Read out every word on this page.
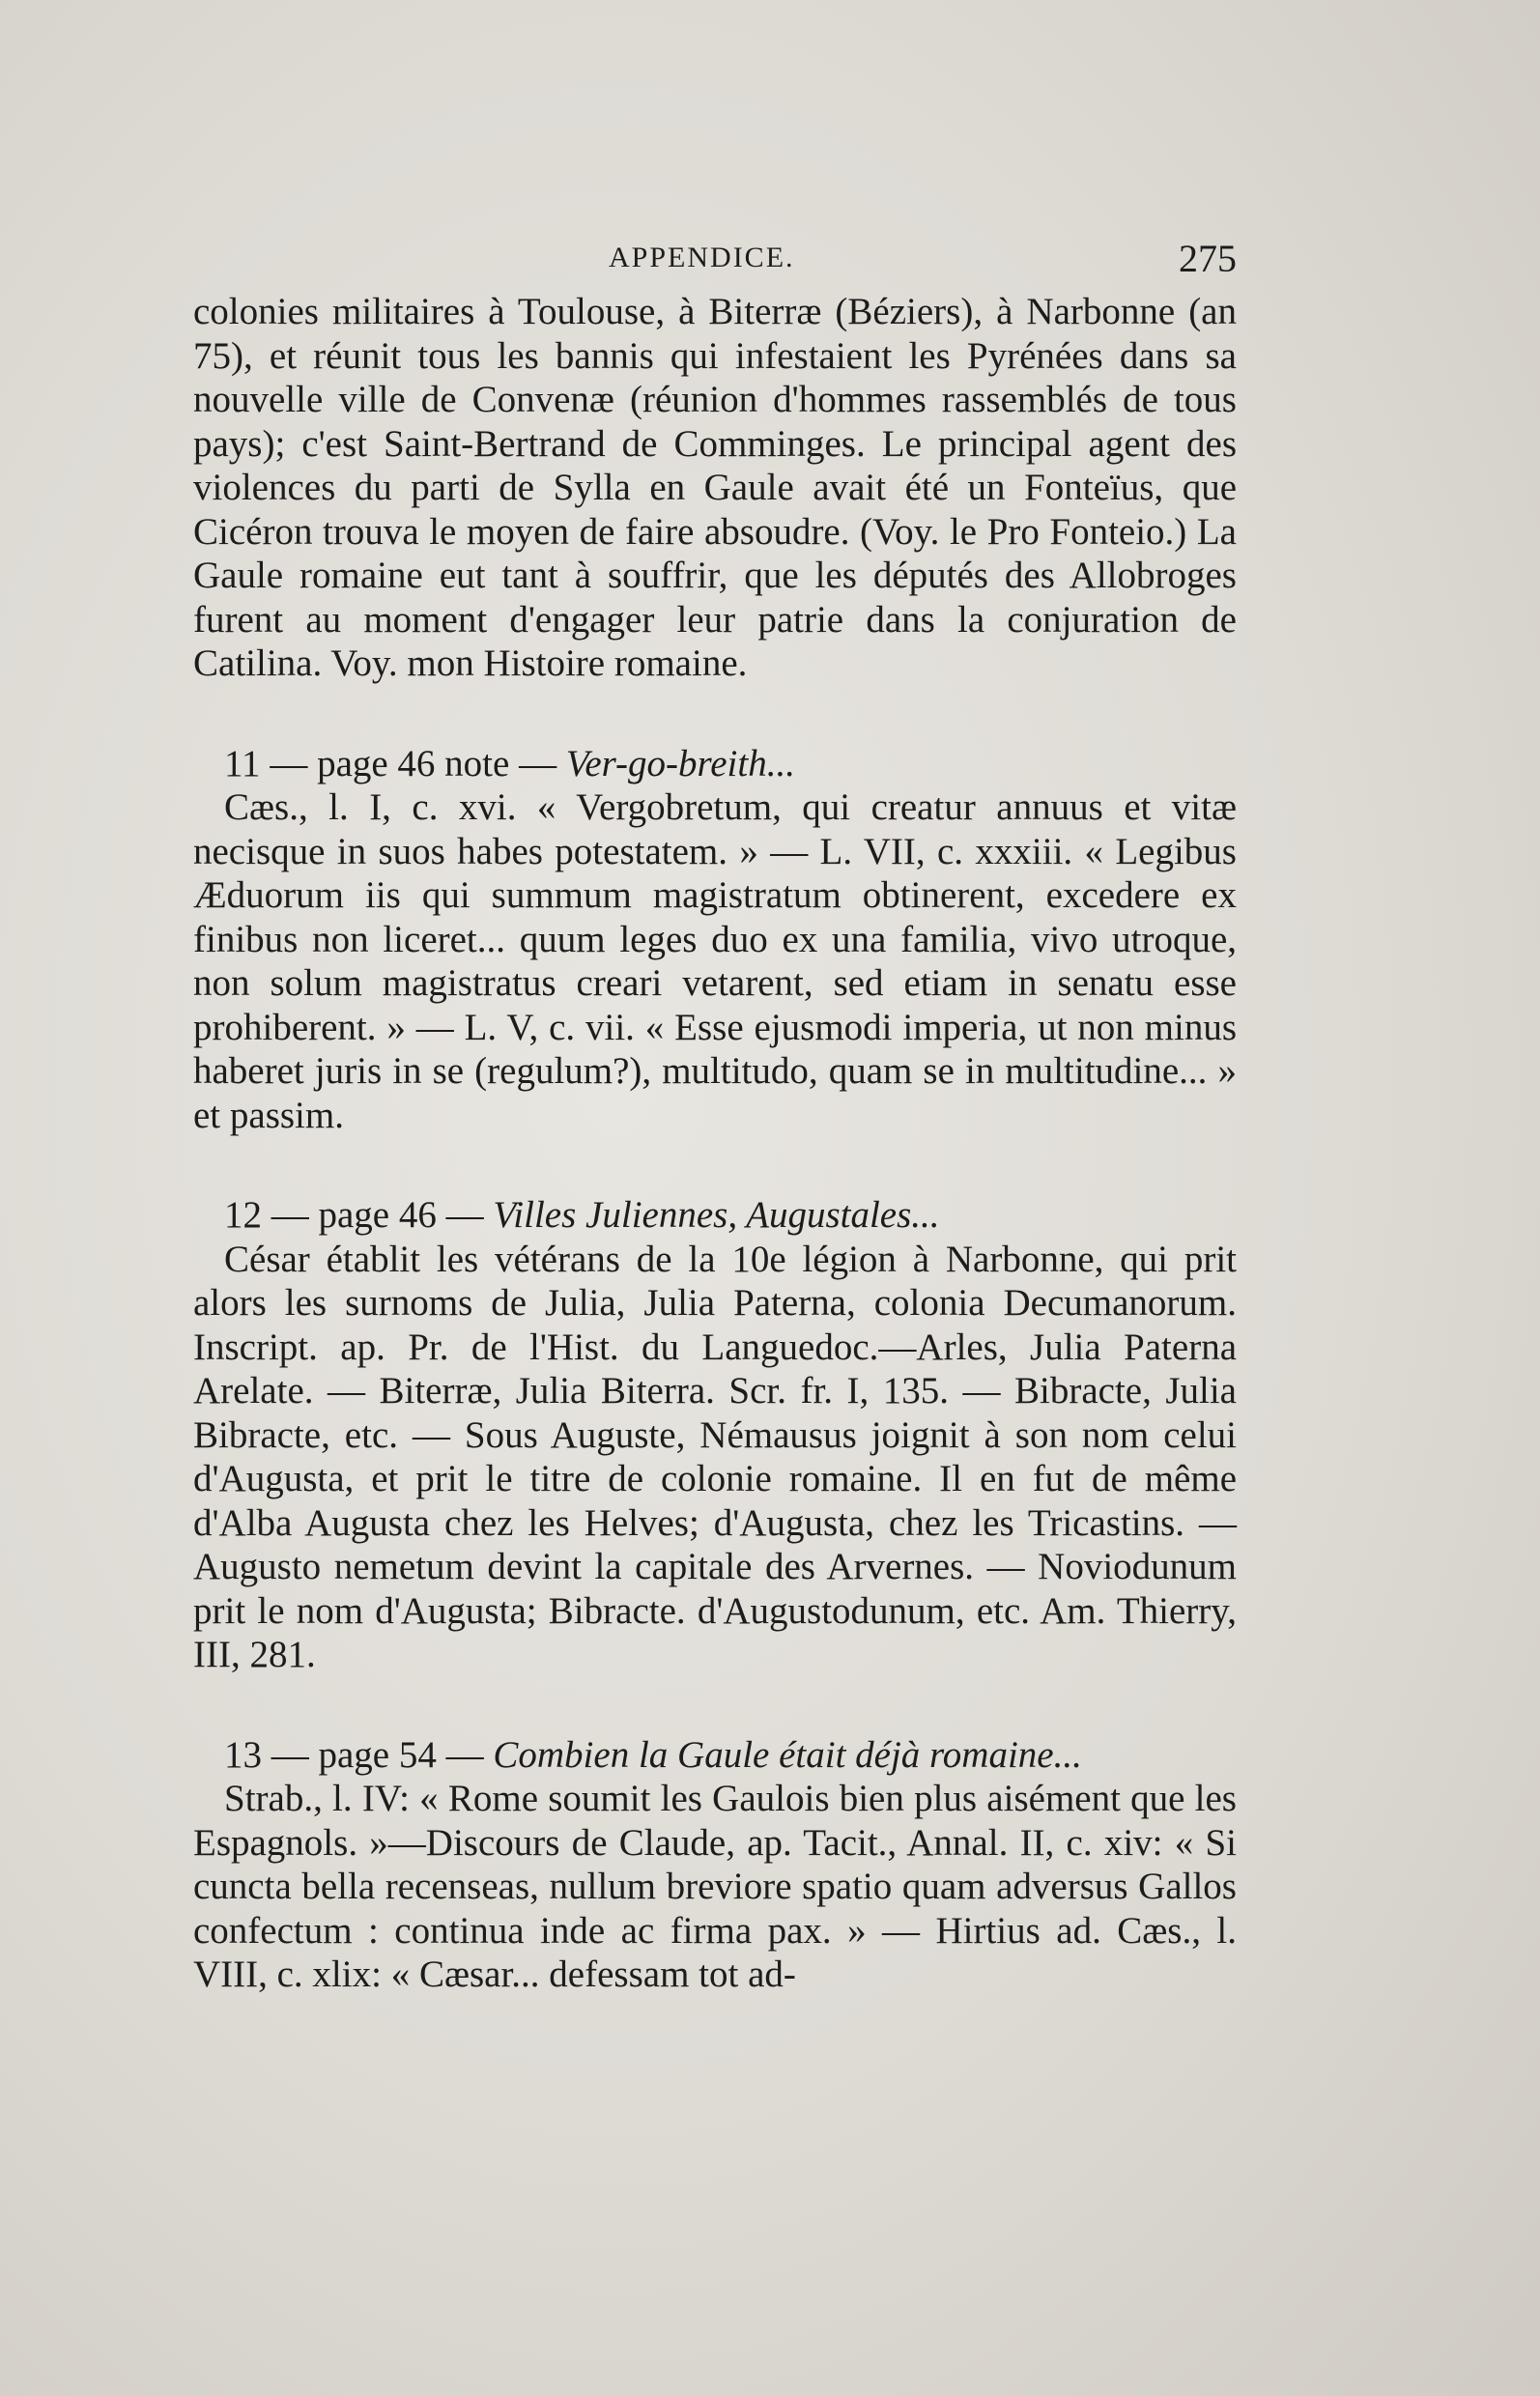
APPENDICE.	275

colonies militaires à Toulouse, à Biterræ (Béziers), à Narbonne (an 75), et réunit tous les bannis qui infestaient les Pyrénées dans sa nouvelle ville de Convenæ (réunion d'hommes rassemblés de tous pays); c'est Saint-Bertrand de Comminges. Le principal agent des violences du parti de Sylla en Gaule avait été un Fonteïus, que Cicéron trouva le moyen de faire absoudre. (Voy. le Pro Fonteio.) La Gaule romaine eut tant à souffrir, que les députés des Allobroges furent au moment d'engager leur patrie dans la conjuration de Catilina. Voy. mon Histoire romaine.

11 — page 46 note — Ver-go-breith...

Cæs., l. I, c. xvi. « Vergobretum, qui creatur annuus et vitæ necisque in suos habes potestatem. » — L. VII, c. xxxiii. « Legibus Æduorum iis qui summum magistratum obtinerent, excedere ex finibus non liceret... quum leges duo ex una familia, vivo utroque, non solum magistratus creari vetarent, sed etiam in senatu esse prohiberent. » — L. V, c. vii. « Esse ejusmodi imperia, ut non minus haberet juris in se (regulum?), multitudo, quam se in multitudine... » et passim.

12 — page 46 — Villes Juliennes, Augustales...

César établit les vétérans de la 10e légion à Narbonne, qui prit alors les surnoms de Julia, Julia Paterna, colonia Decumanorum. Inscript. ap. Pr. de l'Hist. du Languedoc.—Arles, Julia Paterna Arelate. — Biterræ, Julia Biterra. Scr. fr. I, 135. — Bibracte, Julia Bibracte, etc. — Sous Auguste, Némausus joignit à son nom celui d'Augusta, et prit le titre de colonie romaine. Il en fut de même d'Alba Augusta chez les Helves; d'Augusta, chez les Tricastins. — Augusto nemetum devint la capitale des Arvernes. — Noviodunum prit le nom d'Augusta; Bibracte. d'Augustodunum, etc. Am. Thierry, III, 281.

13 — page 54 — Combien la Gaule était déjà romaine...

Strab., l. IV: « Rome soumit les Gaulois bien plus aisément que les Espagnols. »—Discours de Claude, ap. Tacit., Annal. II, c. xiv: « Si cuncta bella recenseas, nullum breviore spatio quam adversus Gallos confectum : continua inde ac firma pax. » — Hirtius ad. Cæs., l. VIII, c. xlix: « Cæsar... defessam tot ad-
